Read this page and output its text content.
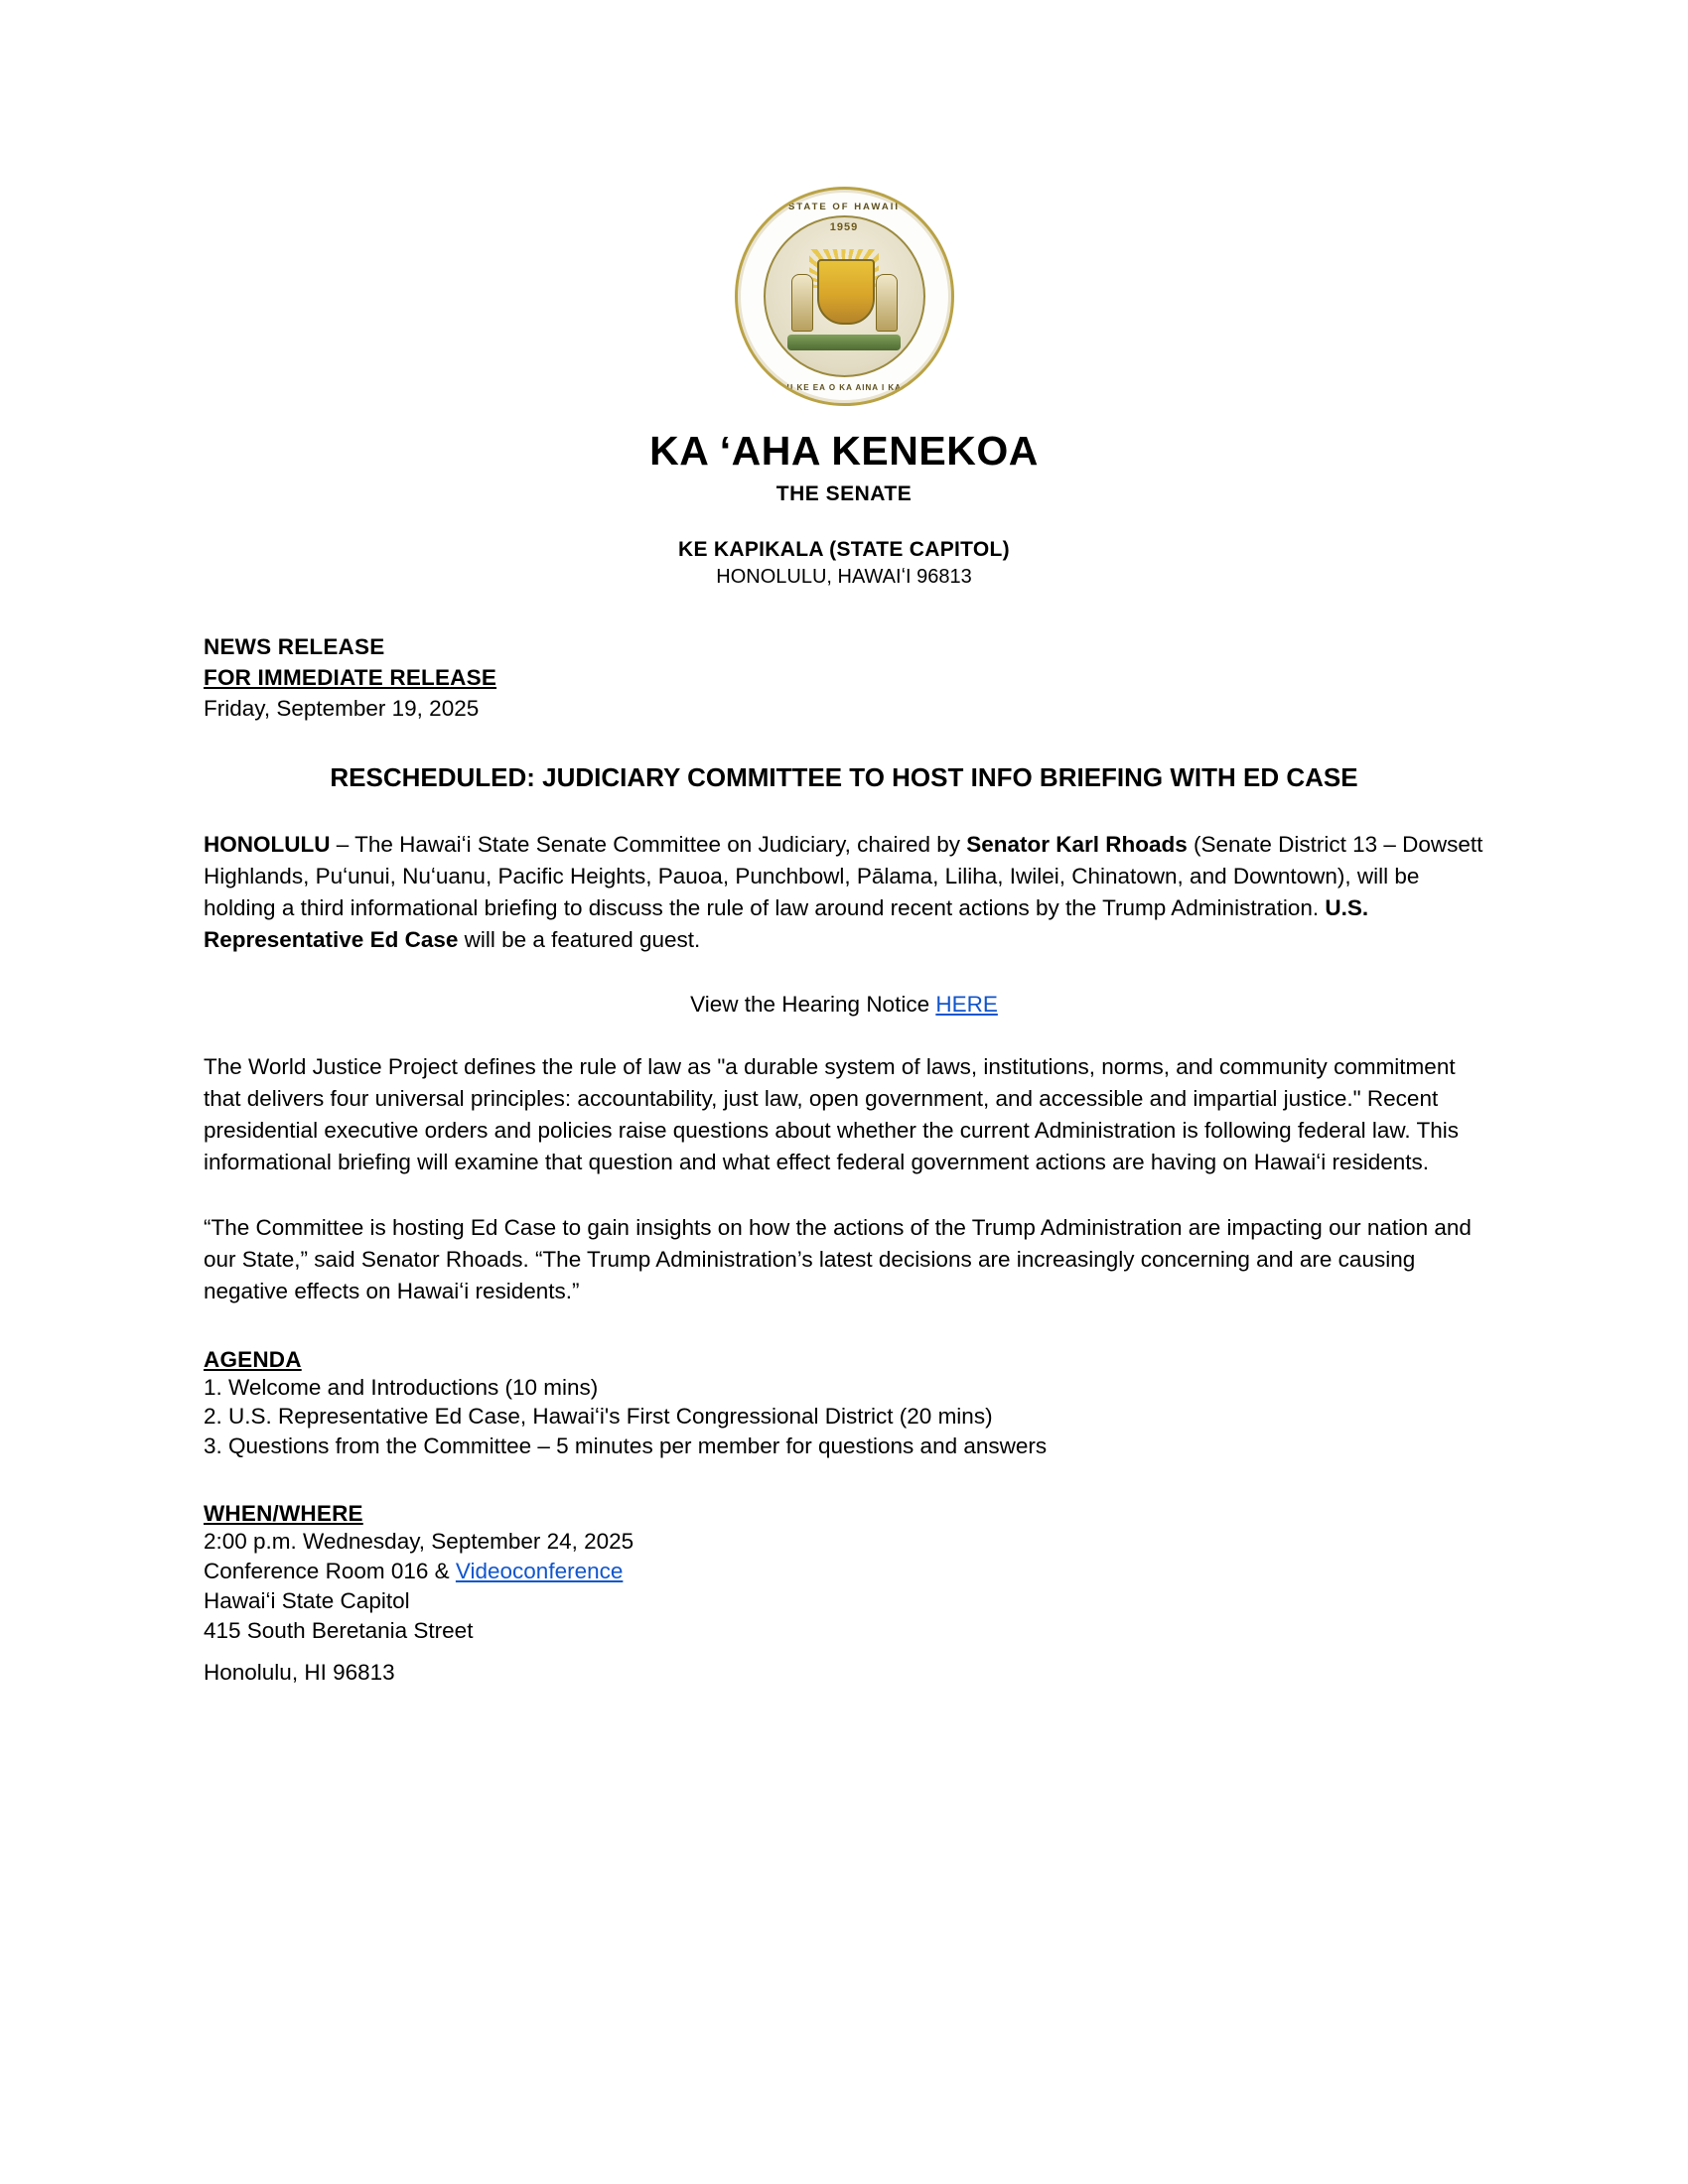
STATE OF HAWAII
1959
UA MAU KE EA O KA AINA I KA PONO
KA ʻAHA KENEKOA
THE SENATE
KE KAPIKALA (STATE CAPITOL)
HONOLULU, HAWAIʻI 96813
NEWS RELEASE
FOR IMMEDIATE RELEASE
Friday, September 19, 2025
RESCHEDULED: JUDICIARY COMMITTEE TO HOST INFO BRIEFING WITH ED CASE
HONOLULU – The Hawaiʻi State Senate Committee on Judiciary, chaired by Senator Karl Rhoads (Senate District 13 – Dowsett Highlands, Puʻunui, Nuʻuanu, Pacific Heights, Pauoa, Punchbowl, Pālama, Liliha, Iwilei, Chinatown, and Downtown), will be holding a third informational briefing to discuss the rule of law around recent actions by the Trump Administration. U.S. Representative Ed Case will be a featured guest.
View the Hearing Notice HERE
The World Justice Project defines the rule of law as "a durable system of laws, institutions, norms, and community commitment that delivers four universal principles: accountability, just law, open government, and accessible and impartial justice." Recent presidential executive orders and policies raise questions about whether the current Administration is following federal law. This informational briefing will examine that question and what effect federal government actions are having on Hawaiʻi residents.
“The Committee is hosting Ed Case to gain insights on how the actions of the Trump Administration are impacting our nation and our State,” said Senator Rhoads. “The Trump Administration’s latest decisions are increasingly concerning and are causing negative effects on Hawaiʻi residents.”
AGENDA
1. Welcome and Introductions (10 mins)
2. U.S. Representative Ed Case, Hawaiʻi's First Congressional District (20 mins)
3. Questions from the Committee – 5 minutes per member for questions and answers
WHEN/WHERE
2:00 p.m. Wednesday, September 24, 2025
Conference Room 016 & Videoconference
Hawaiʻi State Capitol
415 South Beretania Street
Honolulu, HI 96813
